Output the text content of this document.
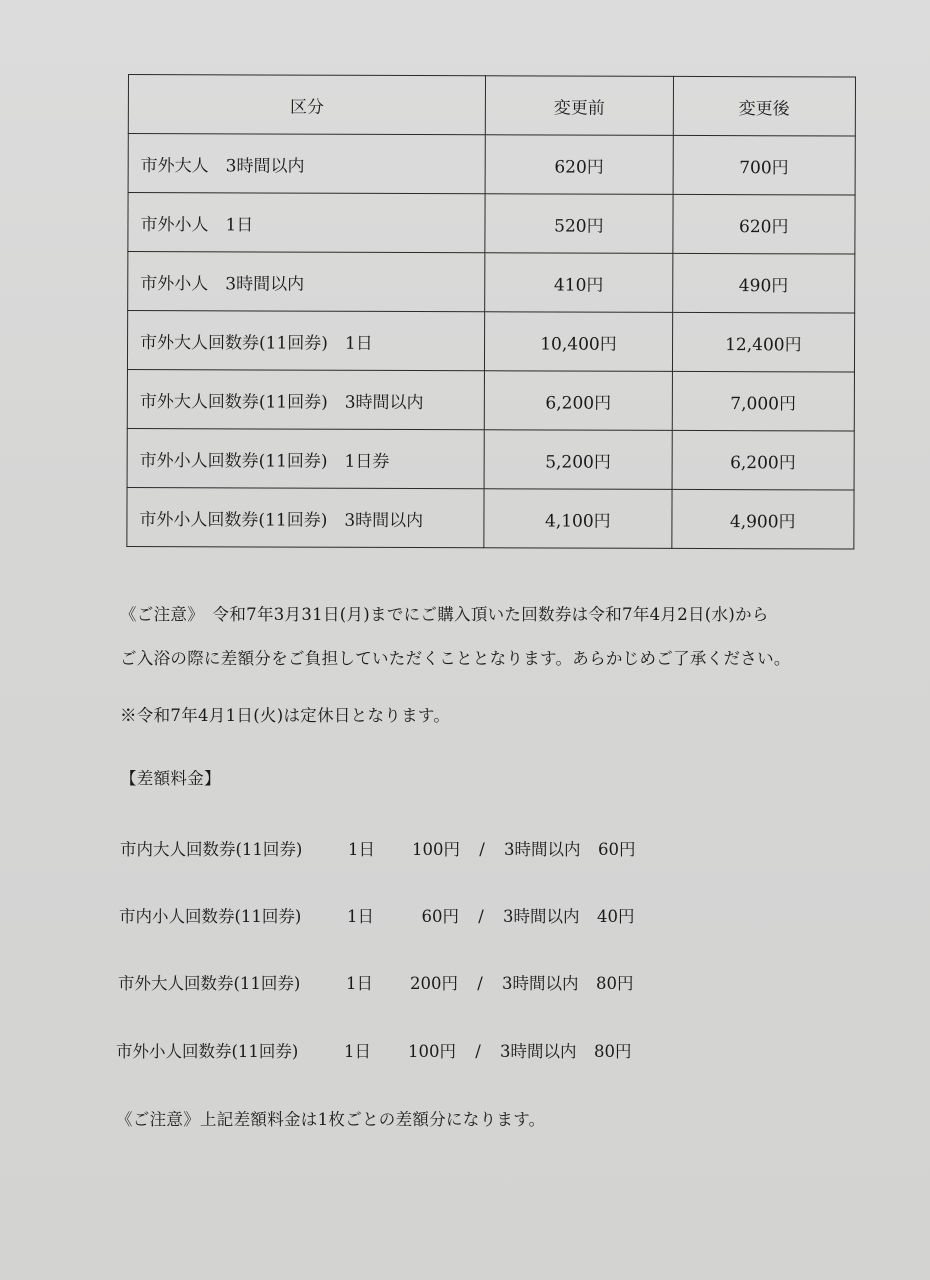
区分	変更前	変更後
市外大人　3時間以内	620円	700円
市外小人　1日	520円	620円
市外小人　3時間以内	410円	490円
市外大人回数券(11回券)　1日	10,400円	12,400円
市外大人回数券(11回券)　3時間以内	6,200円	7,000円
市外小人回数券(11回券)　1日券	5,200円	6,200円
市外小人回数券(11回券)　3時間以内	4,100円	4,900円
《ご注意》　令和7年3月31日(月)までにご購入頂いた回数券は令和7年4月2日(水)から
ご入浴の際に差額分をご負担していただくこととなります。あらかじめご了承ください。
※令和7年4月1日(火)は定休日となります。
【差額料金】
市内大人回数券(11回券)	1日	100円	/	3時間以内	60円
市内小人回数券(11回券)	1日	60円	/	3時間以内	40円
市外大人回数券(11回券)	1日	200円	/	3時間以内	80円
市外小人回数券(11回券)	1日	100円	/	3時間以内	80円
《ご注意》上記差額料金は1枚ごとの差額分になります。
